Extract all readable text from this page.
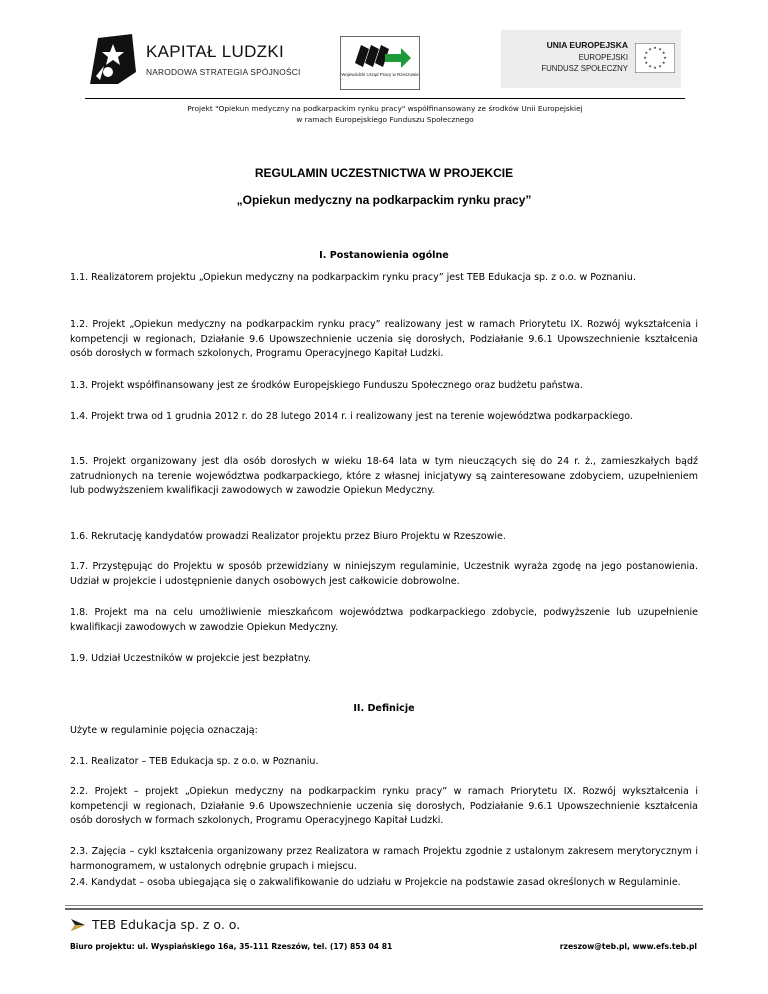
KAPITAŁ LUDZKI
NARODOWA STRATEGIA SPÓJNOŚCI	Wojewódzki Urząd Pracy w Rzeszowie
UNIA EUROPEJSKA
EUROPEJSKI
FUNDUSZ SPOŁECZNY
★ ★
★
★
★
★
★
★
★
★
★
★
Projekt "Opiekun medyczny na podkarpackim rynku pracy" współfinansowany ze środków Unii Europejskiej
w ramach Europejskiego Funduszu Społecznego
REGULAMIN UCZESTNICTWA W PROJEKCIE
„Opiekun medyczny na podkarpackim rynku pracy”
I. Postanowienia ogólne
1.1. Realizatorem projektu „Opiekun medyczny na podkarpackim rynku pracy” jest TEB Edukacja sp. z o.o. w Poznaniu.
1.2. Projekt „Opiekun medyczny na podkarpackim rynku pracy” realizowany jest w ramach Priorytetu IX. Rozwój wykształcenia i kompetencji w regionach, Działanie 9.6 Upowszechnienie uczenia się dorosłych, Podziałanie 9.6.1 Upowszechnienie kształcenia osób dorosłych w formach szkolonych, Programu Operacyjnego Kapitał Ludzki.
1.3. Projekt współfinansowany jest ze środków Europejskiego Funduszu Społecznego oraz budżetu państwa.
1.4. Projekt trwa od 1 grudnia 2012 r. do 28 lutego 2014 r. i realizowany jest na terenie województwa podkarpackiego.
1.5. Projekt organizowany jest dla osób dorosłych w wieku 18-64 lata w tym nieuczących się do 24 r. ż., zamieszkałych bądź zatrudnionych na terenie województwa podkarpackiego, które z własnej inicjatywy są zainteresowane zdobyciem, uzupełnieniem lub podwyższeniem kwalifikacji zawodowych w zawodzie Opiekun Medyczny.
1.6. Rekrutację kandydatów prowadzi Realizator projektu przez Biuro Projektu w Rzeszowie.
1.7. Przystępując do Projektu w sposób przewidziany w niniejszym regulaminie, Uczestnik wyraża zgodę na jego postanowienia. Udział w projekcie i udostępnienie danych osobowych jest całkowicie dobrowolne.
1.8. Projekt ma na celu umożliwienie mieszkańcom województwa podkarpackiego zdobycie, podwyższenie lub uzupełnienie kwalifikacji zawodowych w zawodzie Opiekun Medyczny.
1.9. Udział Uczestników w projekcie jest bezpłatny.
II. Definicje
Użyte w regulaminie pojęcia oznaczają:
2.1. Realizator – TEB Edukacja sp. z o.o. w Poznaniu.
2.2. Projekt – projekt „Opiekun medyczny na podkarpackim rynku pracy” w ramach Priorytetu IX. Rozwój wykształcenia i kompetencji w regionach, Działanie 9.6 Upowszechnienie uczenia się dorosłych, Podziałanie 9.6.1 Upowszechnienie kształcenia osób dorosłych w formach szkolonych, Programu Operacyjnego Kapitał Ludzki.
2.3. Zajęcia – cykl kształcenia organizowany przez Realizatora w ramach Projektu zgodnie z ustalonym zakresem merytorycznym i harmonogramem, w ustalonych odrębnie grupach i miejscu.
2.4. Kandydat – osoba ubiegająca się o zakwalifikowanie do udziału w Projekcie na podstawie zasad określonych w Regulaminie.
TEB Edukacja sp. z o. o.
Biuro projektu: ul. Wyspiańskiego 16a, 35-111 Rzeszów, tel. (17) 853 04 81	rzeszow@teb.pl, www.efs.teb.pl
